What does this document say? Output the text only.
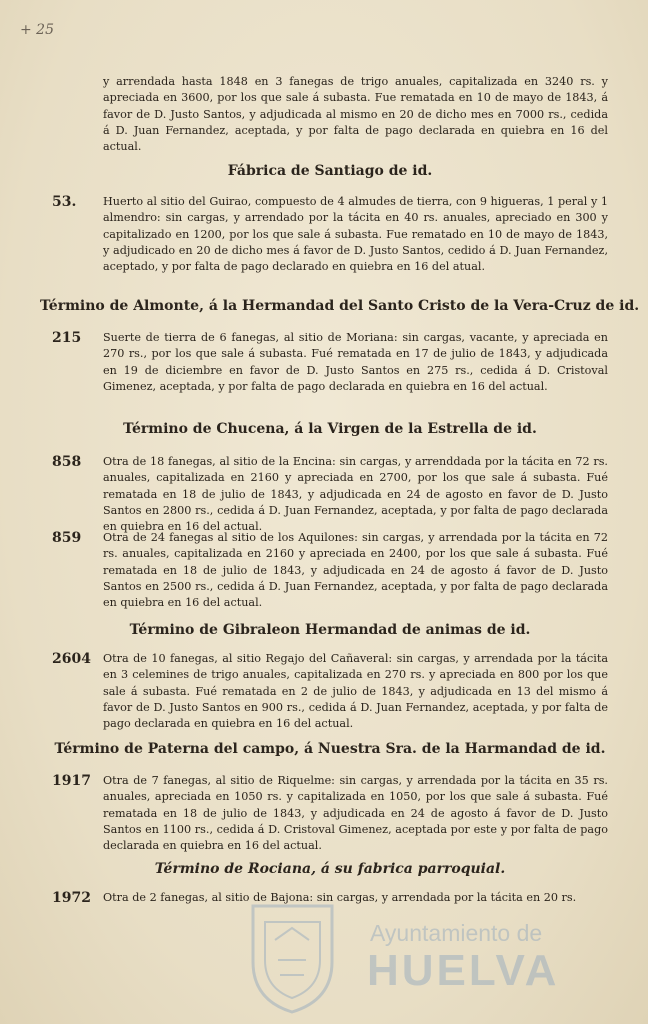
+ 25
y arrendada hasta 1848 en 3 fanegas de trigo anuales, capitalizada en 3240 rs. y apreciada en 3600, por los que sale á subasta. Fue rematada en 10 de mayo de 1843, á favor de D. Justo Santos, y adjudicada al mismo en 20 de dicho mes en 7000 rs., cedida á D. Juan Fernandez, aceptada, y por falta de pago declarada en quiebra en 16 del actual.
Fábrica de Santiago de id.
53. Huerto al sitio del Guirao, compuesto de 4 almudes de tierra, con 9 higueras, 1 peral y 1 almendro: sin cargas, y arrendado por la tácita en 40 rs. anuales, apreciado en 300 y capitalizado en 1200, por los que sale á subasta. Fue rematado en 10 de mayo de 1843, y adjudicado en 20 de dicho mes á favor de D. Justo Santos, cedido á D. Juan Fernandez, aceptado, y por falta de pago declarado en quiebra en 16 del atual.
Término de Almonte, á la Hermandad del Santo Cristo de la Vera-Cruz de id.
215 Suerte de tierra de 6 fanegas, al sitio de Moriana: sin cargas, vacante, y apreciada en 270 rs., por los que sale á subasta. Fué rematada en 17 de julio de 1843, y adjudicada en 19 de diciembre en favor de D. Justo Santos en 275 rs., cedida á D. Cristoval Gimenez, aceptada, y por falta de pago declarada en quiebra en 16 del actual.
Término de Chucena, á la Virgen de la Estrella de id.
858 Otra de 18 fanegas, al sitio de la Encina: sin cargas, y arrenddada por la tácita en 72 rs. anuales, capitalizada en 2160 y apreciada en 2700, por los que sale á subasta. Fué rematada en 18 de julio de 1843, y adjudicada en 24 de agosto en favor de D. Justo Santos en 2800 rs., cedida á D. Juan Fernandez, aceptada, y por falta de pago declarada en quiebra en 16 del actual.
859 Otra de 24 fanegas al sitio de los Aquilones: sin cargas, y arrendada por la tácita en 72 rs. anuales, capitalizada en 2160 y apreciada en 2400, por los que sale á subasta. Fué rematada en 18 de julio de 1843, y adjudicada en 24 de agosto á favor de D. Justo Santos en 2500 rs., cedida á D. Juan Fernandez, aceptada, y por falta de pago declarada en quiebra en 16 del actual.
Término de Gibraleon Hermandad de animas de id.
2604 Otra de 10 fanegas, al sitio Regajo del Cañaveral: sin cargas, y arrendada por la tácita en 3 celemines de trigo anuales, capitalizada en 270 rs. y apreciada en 800 por los que sale á subasta. Fué rematada en 2 de julio de 1843, y adjudicada en 13 del mismo á favor de D. Justo Santos en 900 rs., cedida á D. Juan Fernandez, aceptada, y por falta de pago declarada en quiebra en 16 del actual.
Término de Paterna del campo, á Nuestra Sra. de la Harmandad de id.
1917 Otra de 7 fanegas, al sitio de Riquelme: sin cargas, y arrendada por la tácita en 35 rs. anuales, apreciada en 1050 rs. y capitalizada en 1050, por los que sale á subasta. Fué rematada en 18 de julio de 1843, y adjudicada en 24 de agosto á favor de D. Justo Santos en 1100 rs., cedida á D. Cristoval Gimenez, aceptada por este y por falta de pago declarada en quiebra en 16 del actual.
Término de Rociana, á su fabrica parroquial.
1972 Otra de 2 fanegas, al sitio de Bajona: sin cargas, y arrendada por la tácita en 20 rs.
Ayuntamiento de
HUELVA
